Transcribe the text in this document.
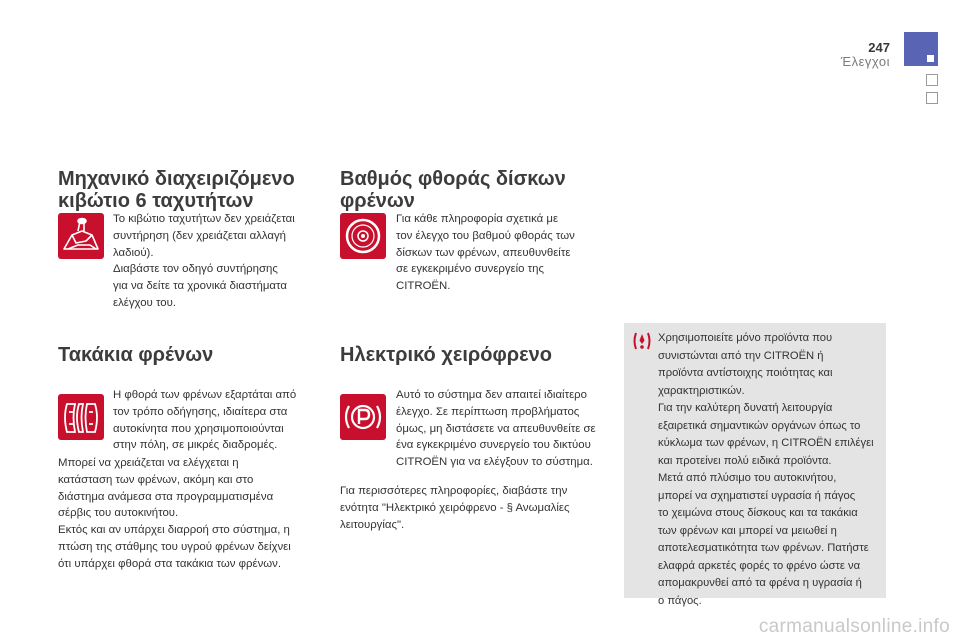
247
Έλεγχοι
Μηχανικό διαχειριζόμενο
κιβώτιο 6 ταχυτήτων
Το κιβώτιο ταχυτήτων δεν χρειάζεται
συντήρηση (δεν χρειάζεται αλλαγή
λαδιού).
Διαβάστε τον οδηγό συντήρησης
για να δείτε τα χρονικά διαστήματα
ελέγχου του.
Τακάκια φρένων
Η φθορά των φρένων εξαρτάται από
τον τρόπο οδήγησης, ιδιαίτερα στα
αυτοκίνητα που χρησιμοποιούνται
στην πόλη, σε μικρές διαδρομές.
Μπορεί να χρειάζεται να ελέγχεται η
κατάσταση των φρένων, ακόμη και στο
διάστημα ανάμεσα στα προγραμματισμένα
σέρβις του αυτοκινήτου.
Εκτός και αν υπάρχει διαρροή στο σύστημα, η
πτώση της στάθμης του υγρού φρένων δείχνει
ότι υπάρχει φθορά στα τακάκια των φρένων.
Βαθμός φθοράς δίσκων
φρένων
Για κάθε πληροφορία σχετικά με
τον έλεγχο του βαθμού φθοράς των
δίσκων των φρένων, απευθυνθείτε
σε εγκεκριμένο συνεργείο της
CITROËN.
Ηλεκτρικό χειρόφρενο
Αυτό το σύστημα δεν απαιτεί ιδιαίτερο
έλεγχο. Σε περίπτωση προβλήματος
όμως, μη διστάσετε να απευθυνθείτε σε
ένα εγκεκριμένο συνεργείο του δικτύου
CITROËN για να ελέγξουν το σύστημα.
Για περισσότερες πληροφορίες, διαβάστε την
ενότητα "Ηλεκτρικό χειρόφρενο - § Ανωμαλίες
λειτουργίας".
Χρησιμοποιείτε μόνο προϊόντα που
συνιστώνται από την CITROËN ή
προϊόντα αντίστοιχης ποιότητας και
χαρακτηριστικών.
Για την καλύτερη δυνατή λειτουργία
εξαιρετικά σημαντικών οργάνων όπως το
κύκλωμα των φρένων, η CITROËN επιλέγει
και προτείνει πολύ ειδικά προϊόντα.
Μετά από πλύσιμο του αυτοκινήτου,
μπορεί να σχηματιστεί υγρασία ή πάγος
το χειμώνα στους δίσκους και τα τακάκια
των φρένων και μπορεί να μειωθεί η
αποτελεσματικότητα των φρένων. Πατήστε
ελαφρά αρκετές φορές το φρένο ώστε να
απομακρυνθεί από τα φρένα η υγρασία ή
ο πάγος.
carmanualsonline.info
